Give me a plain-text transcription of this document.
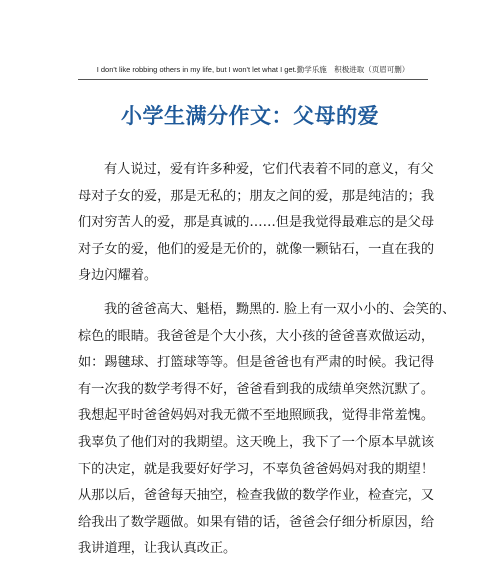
I don't like robbing others in my life, but I won't let what I get.勤学乐施　积极进取（页眉可删）
小学生满分作文：父母的爱
有人说过，爱有许多种爱，它们代表着不同的意义，有父
母对子女的爱，那是无私的；朋友之间的爱，那是纯洁的；我
们对穷苦人的爱，那是真诚的……但是我觉得最难忘的是父母
对子女的爱，他们的爱是无价的，就像一颗钻石，一直在我的
身边闪耀着。
我的爸爸高大、魁梧，黝黑的. 脸上有一双小小的、会笑的、
棕色的眼睛。我爸爸是个大小孩，大小孩的爸爸喜欢做运动，
如：踢毽球、打篮球等等。但是爸爸也有严肃的时候。我记得
有一次我的数学考得不好，爸爸看到我的成绩单突然沉默了。
我想起平时爸爸妈妈对我无微不至地照顾我，觉得非常羞愧。
我辜负了他们对的我期望。这天晚上，我下了一个原本早就该
下的决定，就是我要好好学习，不辜负爸爸妈妈对我的期望！
从那以后，爸爸每天抽空，检查我做的数学作业，检查完，又
给我出了数学题做。如果有错的话，爸爸会仔细分析原因，给
我讲道理，让我认真改正。
